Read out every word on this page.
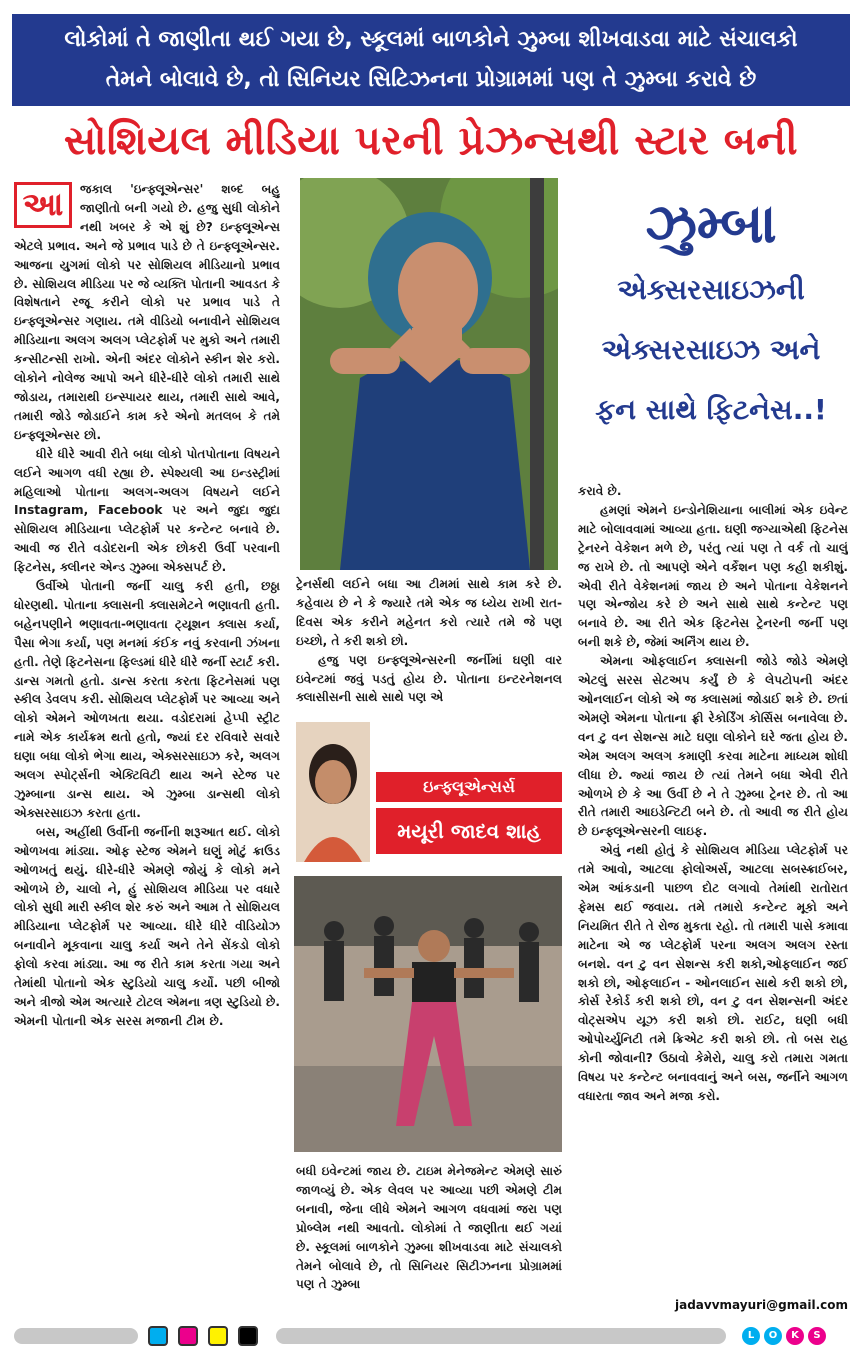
લોકોમાં તે જાણીતા થઈ ગયા છે, સ્કૂલમાં બાળકોને ઝુમ્બા શીખવાડવા માટે સંચાલકો
તેમને બોલાવે છે, તો સિનિયર સિટિઝનના પ્રોગ્રામમાં પણ તે ઝુમ્બા કરાવે છે
સોશિયલ મીડિયા પરની પ્રેઝન્સથી સ્ટાર બની

આ	જકાલ 'ઇન્ફ્લૂએન્સર' શબ્દ બહુ જાણીતો બની ગયો છે. હજુ સુધી લોકોને નથી ખબર કે એ શું છે? ઇન્ફ્લૂએન્સ એટલે પ્રભાવ. અને જે પ્રભાવ પાડે છે તે ઇન્ફ્લૂએન્સર. આજના યુગમાં લોકો પર સોશિયલ મીડિયાનો પ્રભાવ છે. સોશિયલ મીડિયા પર જે વ્યક્તિ પોતાની આવડત કે વિશેષતાને રજૂ કરીને લોકો પર પ્રભાવ પાડે તે ઇન્ફ્લૂએન્સર ગણાય. તમે વીડિયો બનાવીને સોશિયલ મીડિયાના અલગ અલગ પ્લેટફોર્મ પર મુકો અને તમારી કન્સીટન્સી રાખો. એની અંદર લોકોને સ્કીન શેર કરો. લોકોને નોલેજ આપો અને ધીરે-ધીરે લોકો તમારી સાથે જોડાય, તમારાથી ઇન્સ્પાયર થાય, તમારી સાથે આવે, તમારી જોડે જોડાઈને કામ કરે એનો મતલબ કે તમે ઇન્ફ્લૂએન્સર છો.

ધીરે ધીરે આવી રીતે બધા લોકો પોતપોતાના વિષયને લઈને આગળ વધી રહ્યા છે. સ્પેશ્યલી આ ઇન્ડસ્ટ્રીમાં મહિલાઓ પોતાના અલગ-અલગ વિષયને લઈને Instagram, Facebook પર અને જુદા જુદા સોશિયલ મીડિયાના પ્લેટફોર્મ પર કન્ટેન્ટ બનાવે છે. આવી જ રીતે વડોદરાની એક છોકરી ઉર્વી પરવાની ફિટનેસ, ક્લીનર એન્ડ ઝુમ્બા એક્સપર્ટ છે.

ઉર્વીએ પોતાની જર્ની ચાલુ કરી હતી, છઠ્ઠા ધોરણથી. પોતાના ક્લાસની ક્લાસમેટને ભણાવતી હતી. બહેનપણીને ભણાવતા-ભણાવતા ટ્યૂશન ક્લાસ કર્યા, પૈસા ભેગા કર્યા, પણ મનમાં કંઈક નવું કરવાની ઝંખના હતી. તેણે ફિટનેસના ફિલ્ડમાં ધીરે ધીરે જર્ની સ્ટાર્ટ કરી. ડાન્સ ગમતો હતો. ડાન્સ કરતા કરતા ફિટનેસમાં પણ સ્કીલ ડેવલપ કરી. સોશિયલ પ્લેટફોર્મ પર આવ્યા અને લોકો એમને ઓળખતા થયા. વડોદરામાં હેપ્પી સ્ટ્રીટ નામે એક કાર્યક્રમ થતો હતો, જ્યાં દર રવિવારે સવારે ઘણા બધા લોકો ભેગા થાય, એક્સરસાઇઝ કરે, અલગ અલગ સ્પોર્ટ્સની એક્ટિવિટી થાય અને સ્ટેજ પર ઝુમ્બાના ડાન્સ થાય. એ ઝુમ્બા ડાન્સથી લોકો એક્સરસાઇઝ કરતા હતા.

બસ, અહીંથી ઉર્વીની જર્નીની શરૂઆત થઈ. લોકો ઓળખવા માંડ્યા. ઓફ સ્ટેજ એમને ઘણું મોટું ક્રાઉડ ઓળખતું થયું. ધીરે-ધીરે એમણે જોયું કે લોકો મને ઓળખે છે, ચાલો ને, હું સોશિયલ મીડિયા પર વધારે લોકો સુધી મારી સ્કીલ શેર કરું અને આમ તે સોશિયલ મીડિયાના પ્લેટફોર્મ પર આવ્યા. ધીરે ધીરે વીડિયોઝ બનાવીને મૂકવાના ચાલુ કર્યા અને તેને સેંકડો લોકો ફોલો કરવા માંડ્યા. આ જ રીતે કામ કરતા ગયા અને તેમાંથી પોતાનો એક સ્ટુડિયો ચાલુ કર્યો. પછી બીજો અને ત્રીજો એમ અત્યારે ટોટલ એમના ત્રણ સ્ટુડિયો છે. એમની પોતાની એક સરસ મજાની ટીમ છે.

ઝુમ્બા
એક્સરસાઇઝની
એક્સરસાઇઝ અને
ફન સાથે ફિટનેસ..!

ટ્રેનર્સથી લઈને બધા આ ટીમમાં સાથે કામ કરે છે. કહેવાય છે ને કે જ્યારે તમે એક જ ધ્યેય રાખી રાત-દિવસ એક કરીને મહેનત કરો ત્યારે તમે જે પણ ઇચ્છો, તે કરી શકો છો.

હજુ પણ ઇન્ફ્લૂએન્સરની જર્નીમાં ઘણી વાર ઇવેન્ટમાં જવું પડતું હોય છે. પોતાના ઇન્ટરનેશનલ ક્લાસીસની સાથે સાથે પણ એ

ઇન્ફ્લૂએન્સર્સ
મયૂરી જાદવ શાહ

બધી ઇવેન્ટમાં જાય છે. ટાઇમ મેનેજમેન્ટ એમણે સારું જાળવ્યું છે. એક લેવલ પર આવ્યા પછી એમણે ટીમ બનાવી, જેના લીધે એમને આગળ વધવામાં જરા પણ પ્રોબ્લેમ નથી આવતો. લોકોમાં તે જાણીતા થઈ ગયાં છે. સ્કૂલમાં બાળકોને ઝુમ્બા શીખવાડવા માટે સંચાલકો તેમને બોલાવે છે, તો સિનિયર સિટીઝનના પ્રોગ્રામમાં પણ તે ઝુમ્બા

કરાવે છે.

હમણાં એમને ઇન્ડોનેશિયાના બાલીમાં એક ઇવેન્ટ માટે બોલાવવામાં આવ્યા હતા. ઘણી જગ્યાએથી ફિટનેસ ટ્રેનરને વેકેશન મળે છે, પરંતુ ત્યાં પણ તે વર્ક તો ચાલું જ રાખે છે. તો આપણે એને વર્કેશન પણ કહી શકીશું. એવી રીતે વેકેશનમાં જાય છે અને પોતાના વેકેશનને પણ એન્જોય કરે છે અને સાથે સાથે કન્ટેન્ટ પણ બનાવે છે. આ રીતે એક ફિટનેસ ટ્રેનરની જર્ની પણ બની શકે છે, જેમાં અર્નિંગ થાય છે.

એમના ઓફલાઈન ક્લાસની જોડે જોડે એમણે એટલું સરસ સેટઅપ કર્યું છે કે લેપટોપની અંદર ઓનલાઈન લોકો એ જ ક્લાસમાં જોડાઈ શકે છે. છતાં એમણે એમના પોતાના ફ્રી રેકોર્ડિંગ કોર્સિસ બનાવેલા છે. વન ટુ વન સેશન્સ માટે ઘણા લોકોને ઘરે જતા હોય છે. એમ અલગ અલગ કમાણી કરવા માટેના માધ્યમ શોધી લીધા છે. જ્યાં જાય છે ત્યાં તેમને બધા એવી રીતે ઓળખે છે કે આ ઉર્વી છે ને તે ઝુમ્બા ટ્રેનર છે. તો આ રીતે તમારી આઇડેન્ટિટી બને છે. તો આવી જ રીતે હોય છે ઇન્ફ્લૂએન્સરની લાઇફ.

એવું નથી હોતું કે સોશિયલ મીડિયા પ્લેટફોર્મ પર તમે આવો, આટલા ફોલોઅર્સ, આટલા સબસ્ક્રાઈબર, એમ આંકડાની પાછળ દોટ લગાવો તેમાંથી રાતોરાત ફેમસ થઈ જવાય. તમે તમારો કન્ટેન્ટ મૂકો અને નિયમિત રીતે તે રોજ મુકતા રહો. તો તમારી પાસે કમાવા માટેના એ જ પ્લેટફોર્મ પરના અલગ અલગ રસ્તા બનશે. વન ટુ વન સેશન્સ કરી શકો,ઓફલાઈન જઈ શકો છો, ઓફલાઈન - ઓનલાઈન સાથે કરી શકો છો, કોર્સ રેકોર્ડ કરી શકો છો, વન ટુ વન સેશન્સની અંદર વોટ્સએપ યૂઝ કરી શકો છો. રાઈટ, ઘણી બધી ઓપોર્ચ્યુનિટી તમે ક્રિએટ કરી શકો છો. તો બસ રાહ કોની જોવાની? ઉઠાવો કેમેરો, ચાલુ કરો તમારા ગમતા વિષય પર કન્ટેન્ટ બનાવવાનું અને બસ, જર્નીને આગળ વધારતા જાવ અને મજા કરો.

jadavvmayuri@gmail.com
L	O	K	S
